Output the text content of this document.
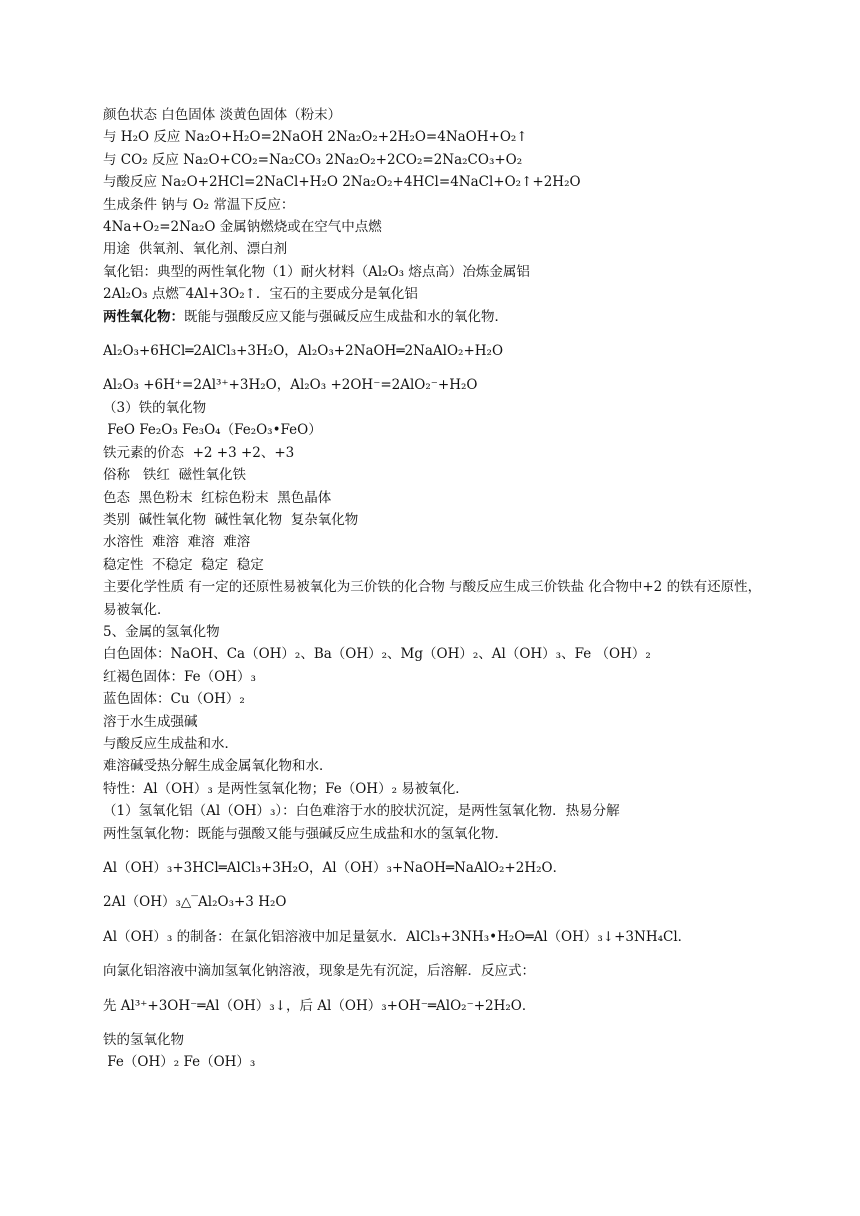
颜色状态 白色固体 淡黄色固体（粉末）

与 H₂O 反应 Na₂O+H₂O=2NaOH 2Na₂O₂+2H₂O=4NaOH+O₂↑

与 CO₂ 反应 Na₂O+CO₂=Na₂CO₃ 2Na₂O₂+2CO₂=2Na₂CO₃+O₂

与酸反应 Na₂O+2HCl=2NaCl+H₂O 2Na₂O₂+4HCl=4NaCl+O₂↑+2H₂O

生成条件 钠与 O₂ 常温下反应：

4Na+O₂=2Na₂O 金属钠燃烧或在空气中点燃

用途  供氧剂、氧化剂、漂白剂

氧化铝：典型的两性氧化物（1）耐火材料（Al₂O₃ 熔点高）冶炼金属铝

2Al₂O₃ 点燃‾4Al+3O₂↑．宝石的主要成分是氧化铝

两性氧化物：既能与强酸反应又能与强碱反应生成盐和水的氧化物．

Al₂O₃+6HCl═2AlCl₃+3H₂O，Al₂O₃+2NaOH═2NaAlO₂+H₂O

Al₂O₃ +6H⁺=2Al³⁺+3H₂O，Al₂O₃ +2OH⁻=2AlO₂⁻+H₂O

（3）铁的氧化物

FeO Fe₂O₃ Fe₃O₄（Fe₂O₃•FeO）

铁元素的价态  +2 +3 +2、+3

俗称   铁红  磁性氧化铁

色态  黑色粉末  红棕色粉末  黑色晶体

类别  碱性氧化物  碱性氧化物  复杂氧化物

水溶性  难溶  难溶  难溶

稳定性  不稳定  稳定  稳定

主要化学性质 有一定的还原性易被氧化为三价铁的化合物 与酸反应生成三价铁盐 化合物中+2 的铁有还原性，易被氧化．

5、金属的氢氧化物

白色固体：NaOH、Ca（OH）₂、Ba（OH）₂、Mg（OH）₂、Al（OH）₃、Fe （OH）₂

红褐色固体：Fe（OH）₃

蓝色固体：Cu（OH）₂

溶于水生成强碱

与酸反应生成盐和水．

难溶碱受热分解生成金属氧化物和水．

特性：Al（OH）₃ 是两性氢氧化物；Fe（OH）₂ 易被氧化．

（1）氢氧化铝（Al（OH）₃）：白色难溶于水的胶状沉淀，是两性氢氧化物．热易分解

两性氢氧化物：既能与强酸又能与强碱反应生成盐和水的氢氧化物．

Al（OH）₃+3HCl═AlCl₃+3H₂O，Al（OH）₃+NaOH═NaAlO₂+2H₂O．

2Al（OH）₃△‾Al₂O₃+3 H₂O

Al（OH）₃ 的制备：在氯化铝溶液中加足量氨水．AlCl₃+3NH₃•H₂O═Al（OH）₃↓+3NH₄Cl．

向氯化铝溶液中滴加氢氧化钠溶液，现象是先有沉淀，后溶解．反应式：

先 Al³⁺+3OH⁻═Al（OH）₃↓，后 Al（OH）₃+OH⁻═AlO₂⁻+2H₂O．

铁的氢氧化物

Fe（OH）₂ Fe（OH）₃
